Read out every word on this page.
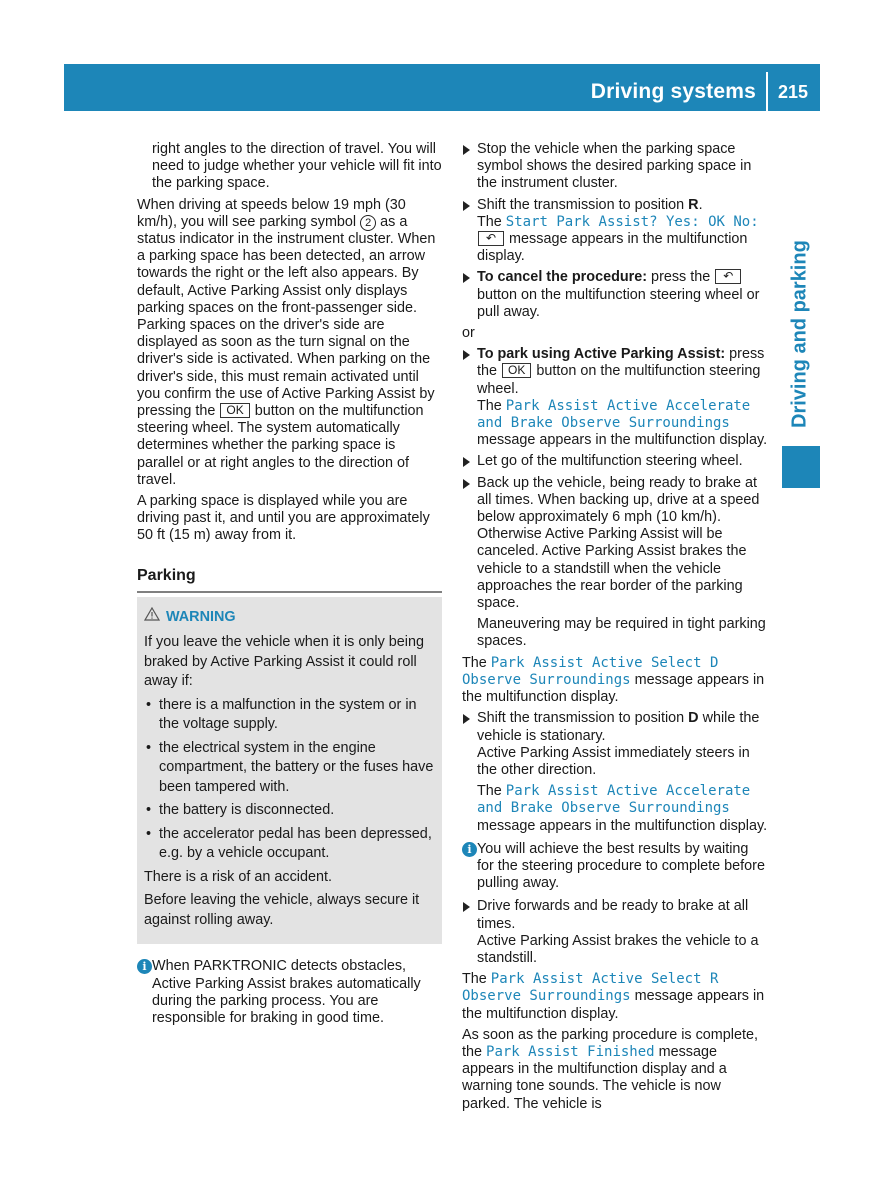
Driving systems 215
Driving and parking

right angles to the direction of travel. You will need to judge whether your vehicle will fit into the parking space.

When driving at speeds below 19 mph (30 km/h), you will see parking symbol 2 as a status indicator in the instrument cluster. When a parking space has been detected, an arrow towards the right or the left also appears. By default, Active Parking Assist only displays parking spaces on the front-passenger side. Parking spaces on the driver's side are displayed as soon as the turn signal on the driver's side is activated. When parking on the driver's side, this must remain activated until you confirm the use of Active Parking Assist by pressing the OK button on the multifunction steering wheel. The system automatically determines whether the parking space is parallel or at right angles to the direction of travel.

A parking space is displayed while you are driving past it, and until you are approximately 50 ft (15 m) away from it.

Parking
WARNING

If you leave the vehicle when it is only being braked by Active Parking Assist it could roll away if:

• there is a malfunction in the system or in the voltage supply.
• the electrical system in the engine compartment, the battery or the fuses have been tampered with.
• the battery is disconnected.
• the accelerator pedal has been depressed, e.g. by a vehicle occupant.

There is a risk of an accident.

Before leaving the vehicle, always secure it against rolling away.

i When PARKTRONIC detects obstacles, Active Parking Assist brakes automatically during the parking process. You are responsible for braking in good time.
Stop the vehicle when the parking space symbol shows the desired parking space in the instrument cluster.
Shift the transmission to position R.
The Start Park Assist? Yes: OK No:
↶ message appears in the multifunction display.
To cancel the procedure: press the ↶ button on the multifunction steering wheel or pull away.

or

To park using Active Parking Assist: press the OK button on the multifunction steering wheel.
The Park Assist Active Accelerate and Brake Observe Surroundings message appears in the multifunction display.
Let go of the multifunction steering wheel.
Back up the vehicle, being ready to brake at all times. When backing up, drive at a speed below approximately 6 mph (10 km/h). Otherwise Active Parking Assist will be canceled. Active Parking Assist brakes the vehicle to a standstill when the vehicle approaches the rear border of the parking space.

Maneuvering may be required in tight parking spaces.

The Park Assist Active Select D Observe Surroundings message appears in the multifunction display.

Shift the transmission to position D while the vehicle is stationary.
Active Parking Assist immediately steers in the other direction.

The Park Assist Active Accelerate and Brake Observe Surroundings message appears in the multifunction display.

i You will achieve the best results by waiting for the steering procedure to complete before pulling away.
Drive forwards and be ready to brake at all times.
Active Parking Assist brakes the vehicle to a standstill.

The Park Assist Active Select R Observe Surroundings message appears in the multifunction display.

As soon as the parking procedure is complete, the Park Assist Finished message appears in the multifunction display and a warning tone sounds. The vehicle is now parked. The vehicle is
